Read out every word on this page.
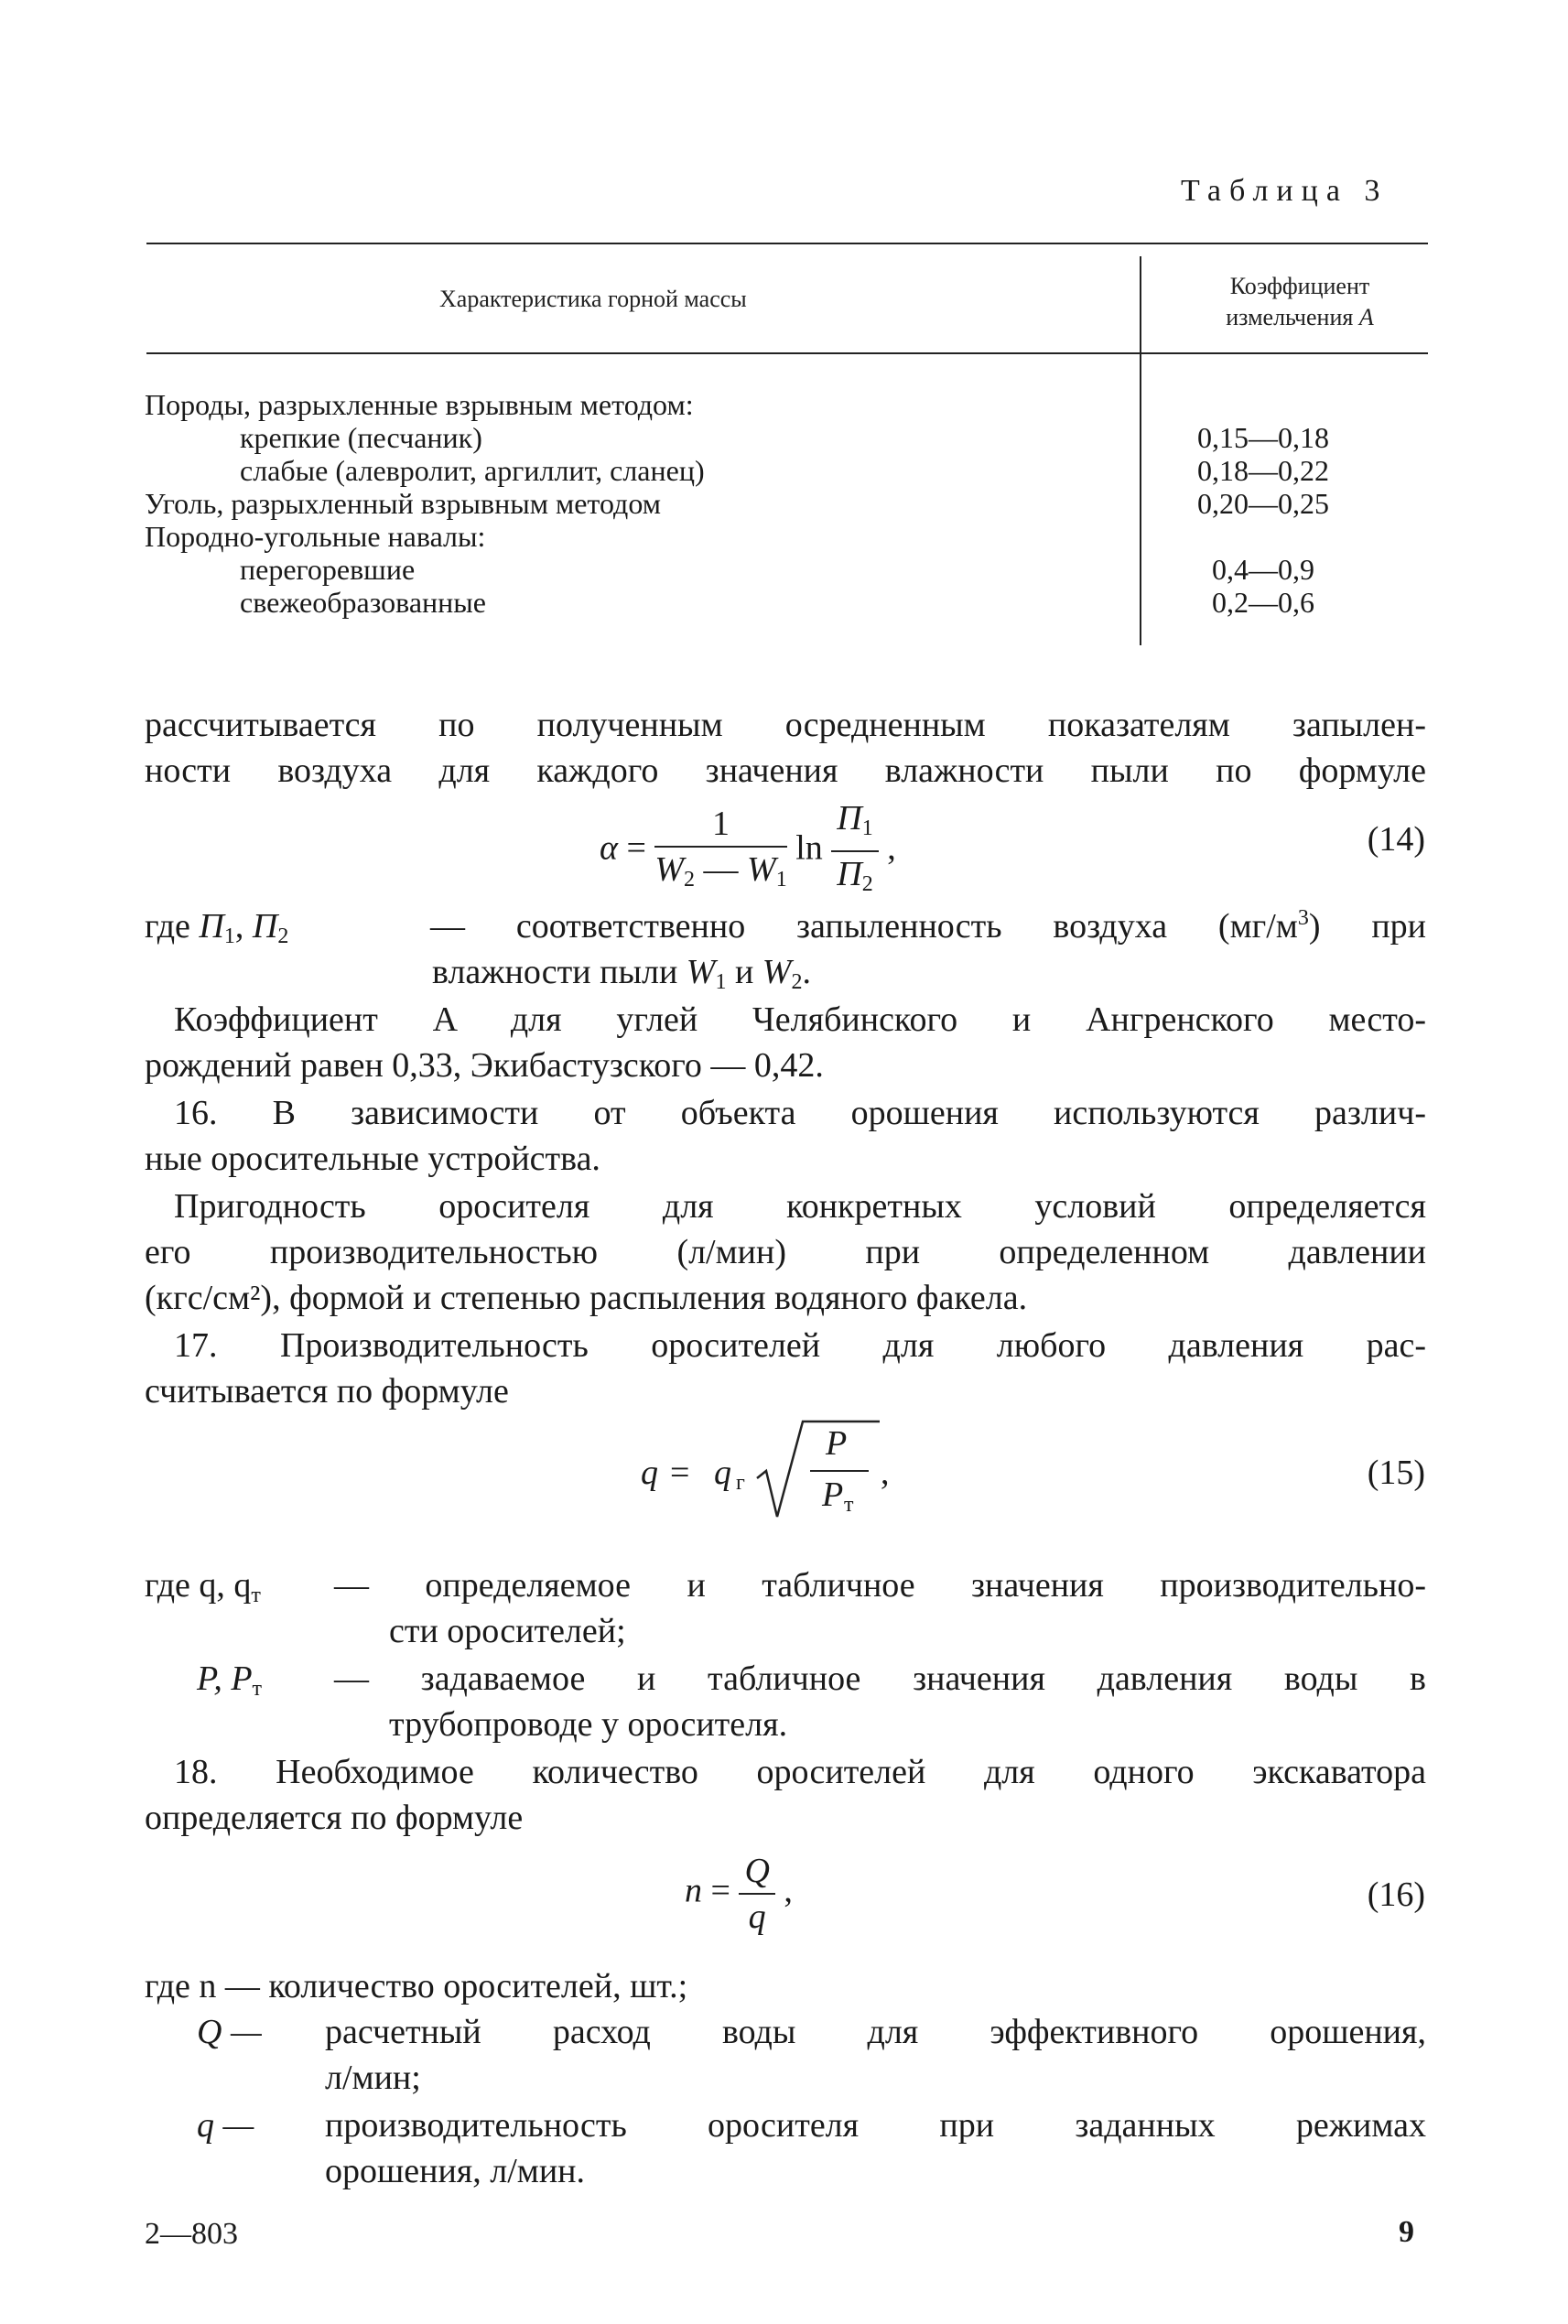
Таблица 3
Характеристика горной массы	Коэффициент
измельчения A
Породы, разрыхленные взрывным методом:
крепкие (песчаник)	0,15—0,18
слабые (алевролит, аргиллит, сланец)	0,18—0,22
Уголь, разрыхленный взрывным методом	0,20—0,25
Породно-угольные навалы:
перегоревшие	0,4—0,9
свежеобразованные	0,2—0,6
рассчитывается по полученным осредненным показателям запылен-
ности воздуха для каждого значения влажности пыли по формуле
$\alpha = \frac{1}{W_2 — W_1}$ $\ln \frac{П_1}{П_2}$ ,	(14)
где $П_1$, $П_2$	— соответственно запыленность воздуха $(мг/м^3)$ при
влажности пыли $W_1$ и $W_2$.
Коэффициент A для углей Челябинского и Ангренского место-
рождений равен 0,33, Экибастузского — 0,42.
16. В зависимости от объекта орошения используются различ-
ные оросительные устройства.
Пригодность оросителя для конкретных условий определяется
его производительностью (л/мин) при определенном давлении
(кгс/см²), формой и степенью распыления водяного факела.
17. Производительность оросителей для любого давления рас-
считывается по формуле
q = q г
P
P т
,	(15)
где q, $q_т$ — определяемое и табличное значения производительно-
сти оросителей;
P, $P_т$ — задаваемое и табличное значения давления воды в
трубопроводе у оросителя.
18. Необходимое количество оросителей для одного экскаватора
определяется по формуле
$n = \frac{Q}{q}$ ,	(16)
где n — количество оросителей, шт.;
Q — расчетный расход воды для эффективного орошения,
л/мин;
q — производительность оросителя при заданных режимах
орошения, л/мин.
2—803	9
